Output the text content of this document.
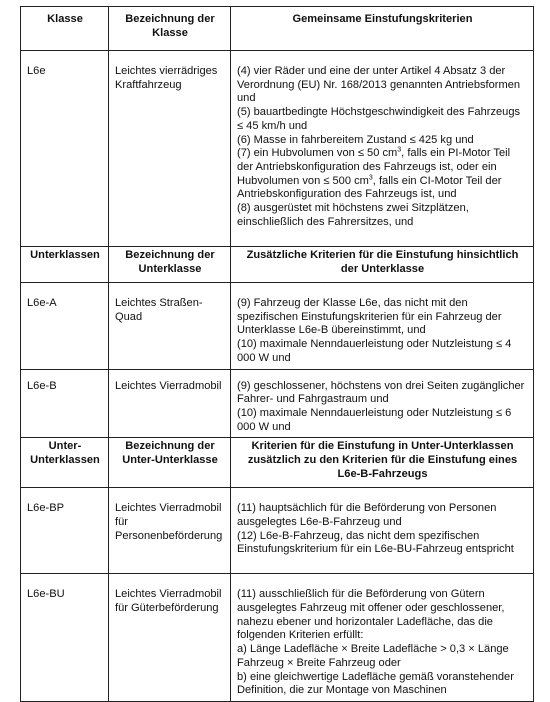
Klasse	Bezeichnung der Klasse	Gemeinsame Einstufungskriterien
L6e	Leichtes vierrädriges Kraftfahrzeug	(4) vier Räder und eine der unter Artikel 4 Absatz 3 der Verordnung (EU) Nr. 168/2013 genannten Antriebsformen und
(5) bauartbedingte Höchstgeschwindigkeit des Fahrzeugs ≤ 45 km/h und
(6) Masse in fahrbereitem Zustand ≤ 425 kg und
(7) ein Hubvolumen von ≤ 50 $cm^3$, falls ein PI-Motor Teil der Antriebskonfiguration des Fahrzeugs ist, oder ein Hubvolumen von ≤ 500 $cm^3$, falls ein CI-Motor Teil der Antriebskonfiguration des Fahrzeugs ist, und
(8) ausgerüstet mit höchstens zwei Sitzplätzen, einschließlich des Fahrersitzes, und

Unterklassen	Bezeichnung der Unterklasse	Zusätzliche Kriterien für die Einstufung hinsichtlich der Unterklasse
L6e-A	Leichtes Straßen-Quad	(9) Fahrzeug der Klasse L6e, das nicht mit den spezifischen Einstufungskriterien für ein Fahrzeug der Unterklasse L6e-B übereinstimmt, und
(10) maximale Nenndauerleistung oder Nutzleistung ≤ 4 000 W und

L6e-B	Leichtes Vierradmobil	(9) geschlossener, höchstens von drei Seiten zugänglicher Fahrer- und Fahrgastraum und
(10) maximale Nenndauerleistung oder Nutzleistung ≤ 6 000 W und

Unter-Unterklassen	Bezeichnung der Unter-Unterklasse	Kriterien für die Einstufung in Unter-Unterklassen zusätzlich zu den Kriterien für die Einstufung eines L6e-B-Fahrzeugs
L6e-BP	Leichtes Vierradmobil für Personenbeförderung	(11) hauptsächlich für die Beförderung von Personen ausgelegtes L6e-B-Fahrzeug und
(12) L6e-B-Fahrzeug, das nicht dem spezifischen Einstufungskriterium für ein L6e-BU-Fahrzeug entspricht

L6e-BU	Leichtes Vierradmobil für Güterbeförderung	(11) ausschließlich für die Beförderung von Gütern ausgelegtes Fahrzeug mit offener oder geschlossener, nahezu ebener und horizontaler Ladefläche, das die folgenden Kriterien erfüllt:
a) Länge Ladefläche × Breite Ladefläche > 0,3 × Länge Fahrzeug × Breite Fahrzeug oder
b) eine gleichwertige Ladefläche gemäß voranstehender Definition, die zur Montage von Maschinen
